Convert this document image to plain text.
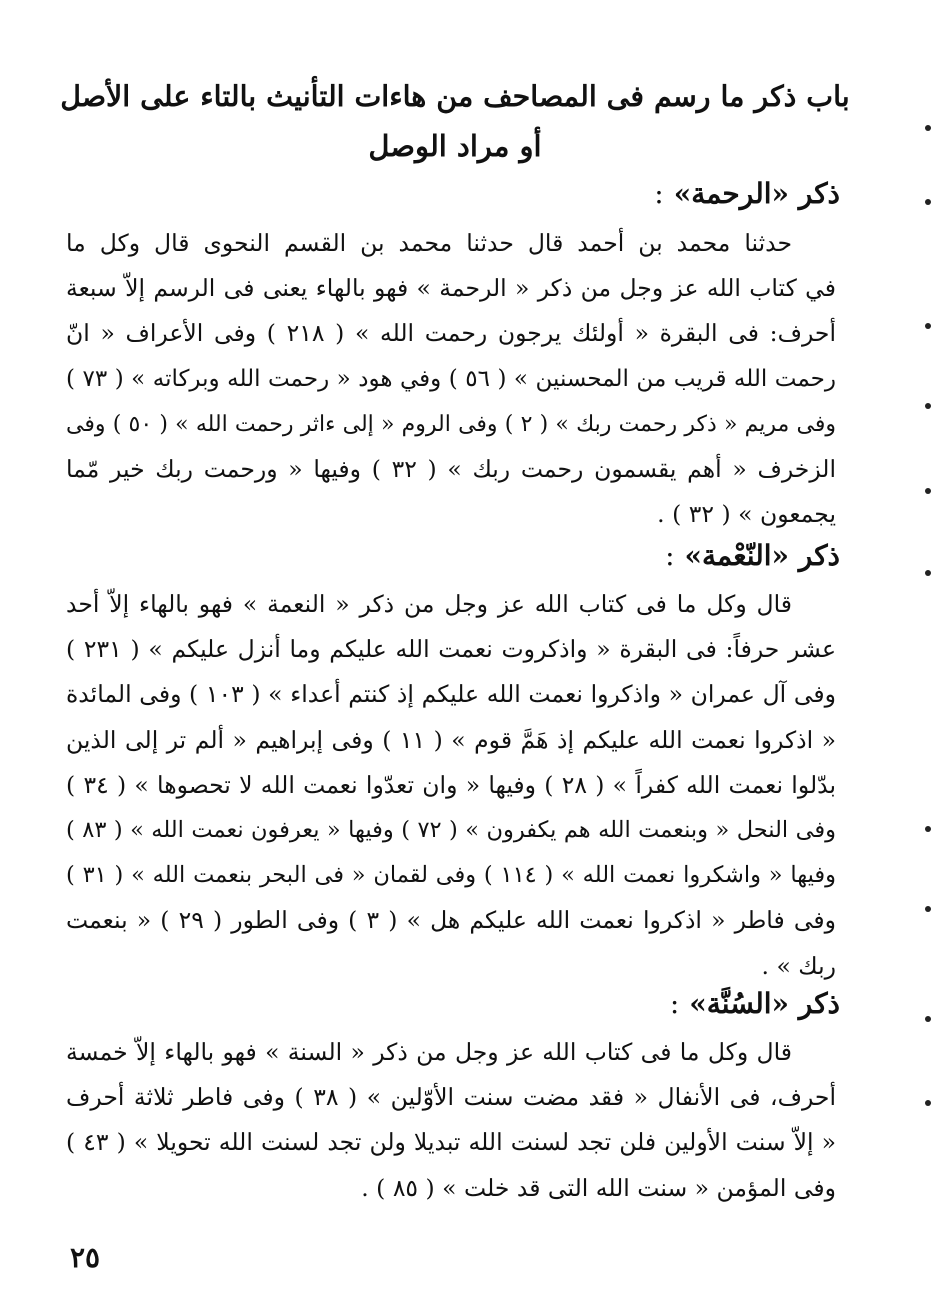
باب ذكر ما رسم فى المصاحف من هاءات التأنيث بالتاء على الأصل
أو مراد الوصل
ذكر «الرحمة»:
حدثنا محمد بن أحمد قال حدثنا محمد بن القسم النحوى قال وكل ما
في كتاب الله عز وجل من ذكر « الرحمة » فهو بالهاء يعنى فى الرسم إلاّ سبعة
أحرف: فى البقرة « أولئك يرجون رحمت الله » ( ٢١٨ ) وفى الأعراف « انّ
رحمت الله قريب من المحسنين » ( ٥٦ ) وفي هود « رحمت الله وبركاته » ( ٧٣ )
وفى مريم « ذكر رحمت ربك » ( ٢ ) وفى الروم « إلى ءاثر رحمت الله » ( ٥٠ ) وفى
الزخرف « أهم يقسمون رحمت ربك » ( ٣٢ ) وفيها « ورحمت ربك خير مّما
يجمعون » ( ٣٢ ) .
ذكر «النّعْمة»:
قال وكل ما فى كتاب الله عز وجل من ذكر « النعمة » فهو بالهاء إلاّ أحد
عشر حرفاً: فى البقرة « واذكروت نعمت الله عليكم وما أنزل عليكم » ( ٢٣١ )
وفى آل عمران « واذكروا نعمت الله عليكم إذ كنتم أعداء » ( ١٠٣ ) وفى المائدة
« اذكروا نعمت الله عليكم إذ هَمَّ قوم » ( ١١ ) وفى إبراهيم « ألم تر إلى الذين
بدّلوا نعمت الله كفراً » ( ٢٨ ) وفيها « وان تعدّوا نعمت الله لا تحصوها » ( ٣٤ )
وفى النحل « وبنعمت الله هم يكفرون » ( ٧٢ ) وفيها « يعرفون نعمت الله » ( ٨٣ )
وفيها « واشكروا نعمت الله » ( ١١٤ ) وفى لقمان « فى البحر بنعمت الله » ( ٣١ )
وفى فاطر « اذكروا نعمت الله عليكم هل » ( ٣ ) وفى الطور ( ٢٩ ) « بنعمت
ربك » .
ذكر «السُنَّة»:
قال وكل ما فى كتاب الله عز وجل من ذكر « السنة » فهو بالهاء إلاّ خمسة
أحرف، فى الأنفال « فقد مضت سنت الأوّلين » ( ٣٨ ) وفى فاطر ثلاثة أحرف
« إلاّ سنت الأولين فلن تجد لسنت الله تبديلا ولن تجد لسنت الله تحويلا » ( ٤٣ )
وفى المؤمن « سنت الله التى قد خلت » ( ٨٥ ) .
٢٥
